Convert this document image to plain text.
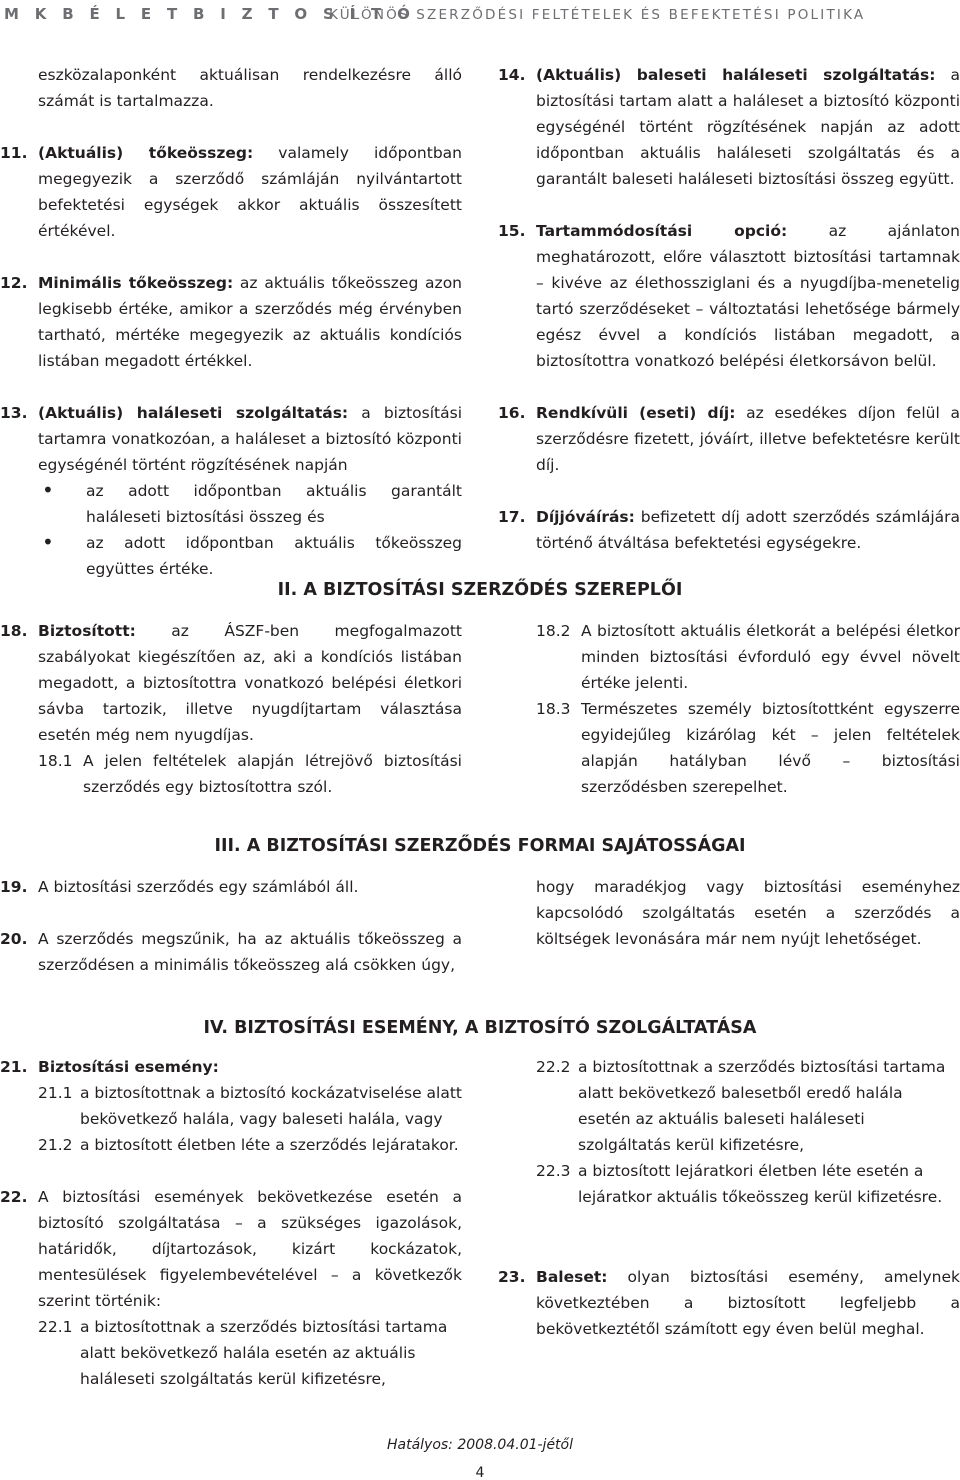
M K B É L E T B I Z T O S Í T Ó
KÜLÖNÖS SZERZŐDÉSI FELTÉTELEK ÉS BEFEKTETÉSI POLITIKA
eszközalaponként aktuálisan rendelkezésre álló számát is tartalmazza.
11. (Aktuális) tőkeösszeg: valamely időpontban megegyezik a szerződő számláján nyilvántartott befektetési egységek akkor aktuális összesített értékével.
12. Minimális tőkeösszeg: az aktuális tőkeösszeg azon legkisebb értéke, amikor a szerződés még érvényben tartható, mértéke megegyezik az aktuális kondíciós listában megadott értékkel.
13. (Aktuális) haláleseti szolgáltatás: a biztosítási tartamra vonatkozóan, a haláleset a biztosító központi egységénél történt rögzítésének napján
• az adott időpontban aktuális garantált haláleseti biztosítási összeg és
• az adott időpontban aktuális tőkeösszeg együttes értéke.
14. (Aktuális) baleseti haláleseti szolgáltatás: a biztosítási tartam alatt a haláleset a biztosító központi egységénél történt rögzítésének napján az adott időpontban aktuális haláleseti szolgáltatás és a garantált baleseti haláleseti biztosítási összeg együtt.
15. Tartammódosítási opció: az ajánlaton meghatározott, előre választott biztosítási tartamnak – kivéve az élethossziglani és a nyugdíjba-menetelig tartó szerződéseket – változtatási lehetősége bármely egész évvel a kondíciós listában megadott, a biztosítottra vonatkozó belépési életkorsávon belül.
16. Rendkívüli (eseti) díj: az esedékes díjon felül a szerződésre fizetett, jóváírt, illetve befektetésre került díj.
17. Díjjóváírás: befizetett díj adott szerződés számlájára történő átváltása befektetési egységekre.
II. A BIZTOSÍTÁSI SZERZŐDÉS SZEREPLŐI
18. Biztosított: az ÁSZF-ben megfogalmazott szabályokat kiegészítően az, aki a kondíciós listában megadott, a biztosítottra vonatkozó belépési életkori sávba tartozik, illetve nyugdíjtartam választása esetén még nem nyugdíjas.
18.1 A jelen feltételek alapján létrejövő biztosítási szerződés egy biztosítottra szól.
18.2 A biztosított aktuális életkorát a belépési életkor minden biztosítási évforduló egy évvel növelt értéke jelenti.
18.3 Természetes személy biztosítottként egyszerre egyidejűleg kizárólag két – jelen feltételek alapján hatályban lévő – biztosítási szerződésben szerepelhet.
III. A BIZTOSÍTÁSI SZERZŐDÉS FORMAI SAJÁTOSSÁGAI
19. A biztosítási szerződés egy számlából áll.
20. A szerződés megszűnik, ha az aktuális tőkeösszeg a szerződésen a minimális tőkeösszeg alá csökken úgy,
hogy maradékjog vagy biztosítási eseményhez kapcsolódó szolgáltatás esetén a szerződés a költségek levonására már nem nyújt lehetőséget.
IV. BIZTOSÍTÁSI ESEMÉNY, A BIZTOSÍTÓ SZOLGÁLTATÁSA
21. Biztosítási esemény:
21.1 a biztosítottnak a biztosító kockázatviselése alatt bekövetkező halála, vagy baleseti halála, vagy
21.2 a biztosított életben léte a szerződés lejáratakor.
22. A biztosítási események bekövetkezése esetén a biztosító szolgáltatása – a szükséges igazolások, határidők, díjtartozások, kizárt kockázatok, mentesülések figyelembevételével – a következők szerint történik:
22.1 a biztosítottnak a szerződés biztosítási tartama alatt bekövetkező halála esetén az aktuális haláleseti szolgáltatás kerül kifizetésre,
22.2 a biztosítottnak a szerződés biztosítási tartama alatt bekövetkező balesetből eredő halála esetén az aktuális baleseti haláleseti szolgáltatás kerül kifizetésre,
22.3 a biztosított lejáratkori életben léte esetén a lejáratkor aktuális tőkeösszeg kerül kifizetésre.
23. Baleset: olyan biztosítási esemény, amelynek következtében a biztosított legfeljebb a bekövetkeztétől számított egy éven belül meghal.
Hatályos: 2008.04.01-jétől
4
